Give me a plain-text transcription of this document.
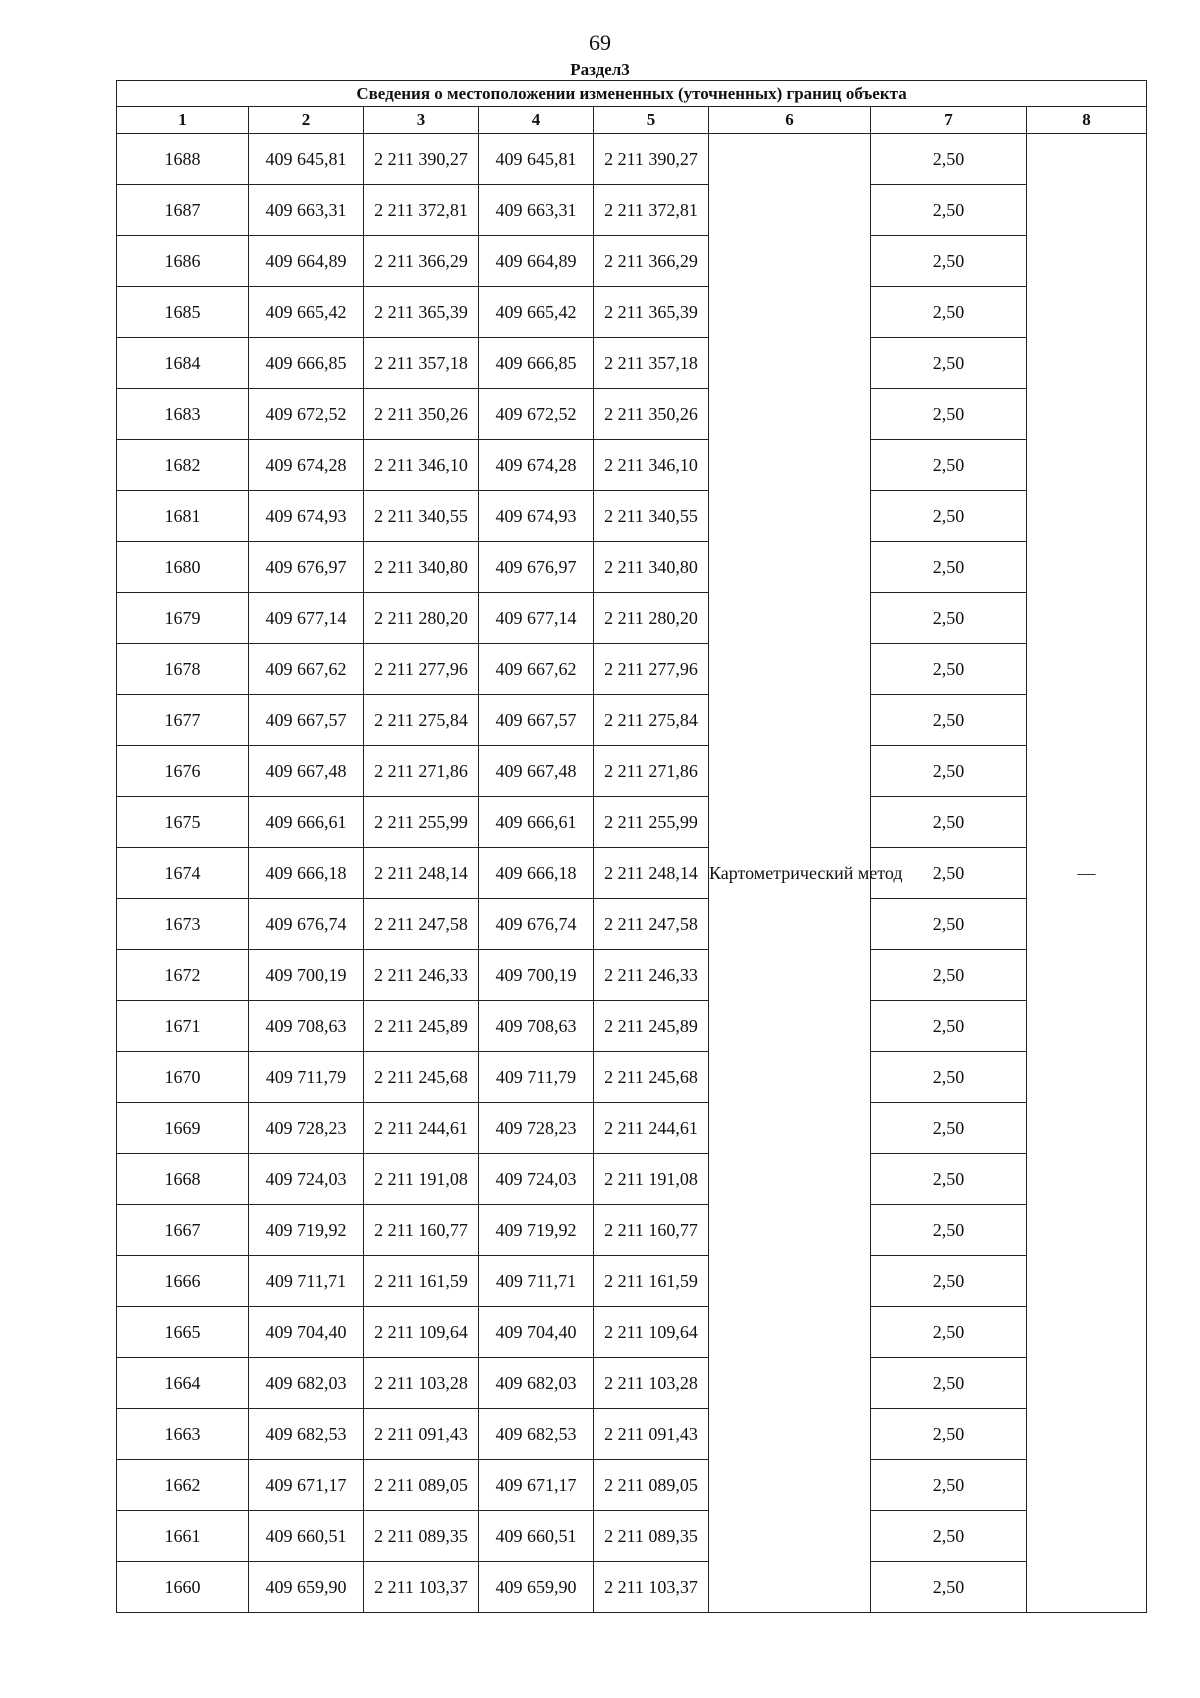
69
Раздел3
Сведения о местоположении измененных (уточненных) границ объекта							
1	2	3	4	5	6	7	8
1688	409 645,81	2 211 390,27	409 645,81	2 211 390,27	Картометрический метод	2,50	—
1687	409 663,31	2 211 372,81	409 663,31	2 211 372,81		2,50	
1686	409 664,89	2 211 366,29	409 664,89	2 211 366,29		2,50	
1685	409 665,42	2 211 365,39	409 665,42	2 211 365,39		2,50	
1684	409 666,85	2 211 357,18	409 666,85	2 211 357,18		2,50	
1683	409 672,52	2 211 350,26	409 672,52	2 211 350,26		2,50	
1682	409 674,28	2 211 346,10	409 674,28	2 211 346,10		2,50	
1681	409 674,93	2 211 340,55	409 674,93	2 211 340,55		2,50	
1680	409 676,97	2 211 340,80	409 676,97	2 211 340,80		2,50	
1679	409 677,14	2 211 280,20	409 677,14	2 211 280,20		2,50	
1678	409 667,62	2 211 277,96	409 667,62	2 211 277,96		2,50	
1677	409 667,57	2 211 275,84	409 667,57	2 211 275,84		2,50	
1676	409 667,48	2 211 271,86	409 667,48	2 211 271,86		2,50	
1675	409 666,61	2 211 255,99	409 666,61	2 211 255,99		2,50	
1674	409 666,18	2 211 248,14	409 666,18	2 211 248,14		2,50	
1673	409 676,74	2 211 247,58	409 676,74	2 211 247,58		2,50	
1672	409 700,19	2 211 246,33	409 700,19	2 211 246,33		2,50	
1671	409 708,63	2 211 245,89	409 708,63	2 211 245,89		2,50	
1670	409 711,79	2 211 245,68	409 711,79	2 211 245,68		2,50	
1669	409 728,23	2 211 244,61	409 728,23	2 211 244,61		2,50	
1668	409 724,03	2 211 191,08	409 724,03	2 211 191,08		2,50	
1667	409 719,92	2 211 160,77	409 719,92	2 211 160,77		2,50	
1666	409 711,71	2 211 161,59	409 711,71	2 211 161,59		2,50	
1665	409 704,40	2 211 109,64	409 704,40	2 211 109,64		2,50	
1664	409 682,03	2 211 103,28	409 682,03	2 211 103,28		2,50	
1663	409 682,53	2 211 091,43	409 682,53	2 211 091,43		2,50	
1662	409 671,17	2 211 089,05	409 671,17	2 211 089,05		2,50	
1661	409 660,51	2 211 089,35	409 660,51	2 211 089,35		2,50	
1660	409 659,90	2 211 103,37	409 659,90	2 211 103,37		2,50	
